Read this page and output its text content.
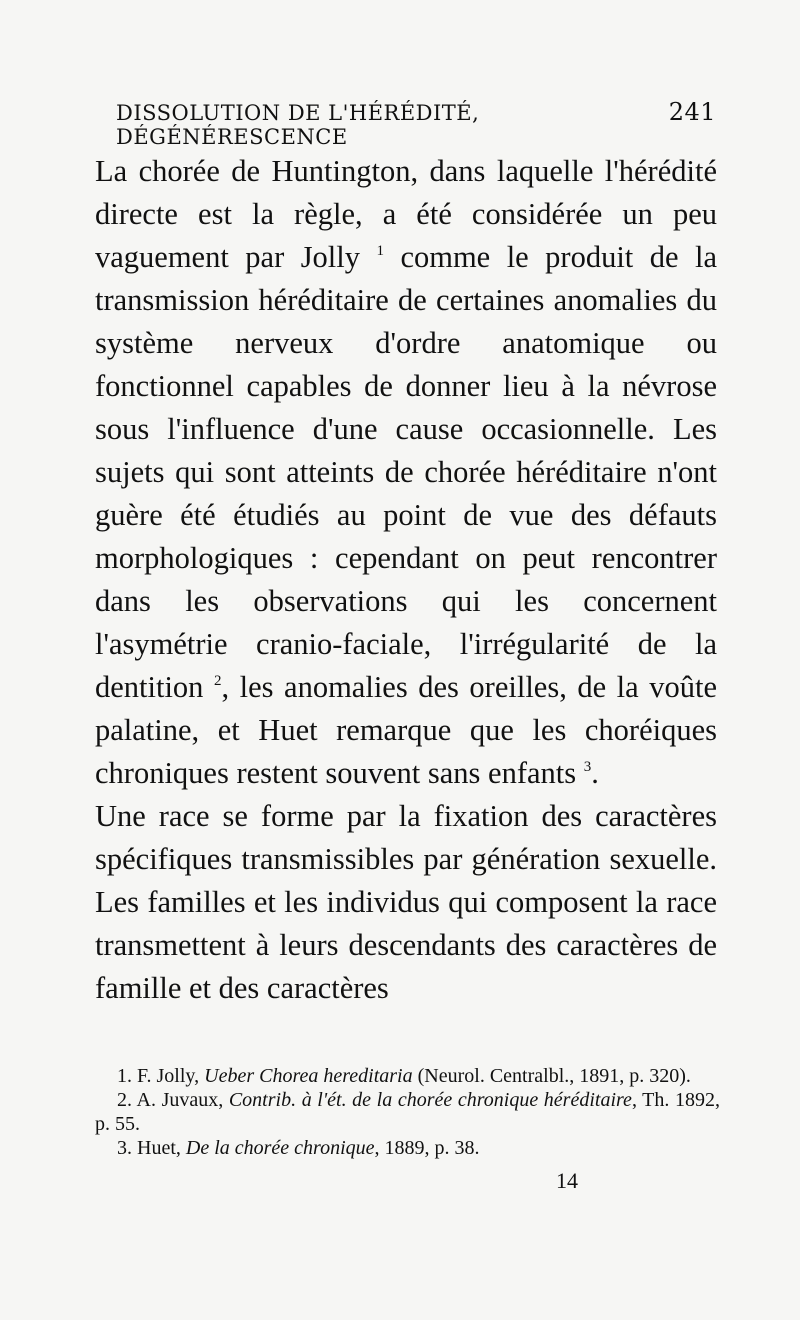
DISSOLUTION DE L'HÉRÉDITÉ, DÉGÉNÉRESCENCE
241

La chorée de Huntington, dans laquelle l'hérédité directe est la règle, a été considérée un peu vaguement par Jolly $^1$ comme le produit de la transmission héréditaire de certaines anomalies du système nerveux d'ordre anatomique ou fonctionnel capables de donner lieu à la névrose sous l'influence d'une cause occasionnelle. Les sujets qui sont atteints de chorée héréditaire n'ont guère été étudiés au point de vue des défauts morphologiques : cependant on peut rencontrer dans les observations qui les concernent l'asymétrie cranio-faciale, l'irrégularité de la dentition $^2$, les anomalies des oreilles, de la voûte palatine, et Huet remarque que les choréiques chroniques restent souvent sans enfants $^3$.

Une race se forme par la fixation des caractères spécifiques transmissibles par génération sexuelle. Les familles et les individus qui composent la race transmettent à leurs descendants des caractères de famille et des caractères

1. F. Jolly, Ueber Chorea hereditaria (Neurol. Centralbl., 1891, p. 320).

2. A. Juvaux, Contrib. à l'ét. de la chorée chronique héréditaire, Th. 1892, p. 55.

3. Huet, De la chorée chronique, 1889, p. 38.

14
